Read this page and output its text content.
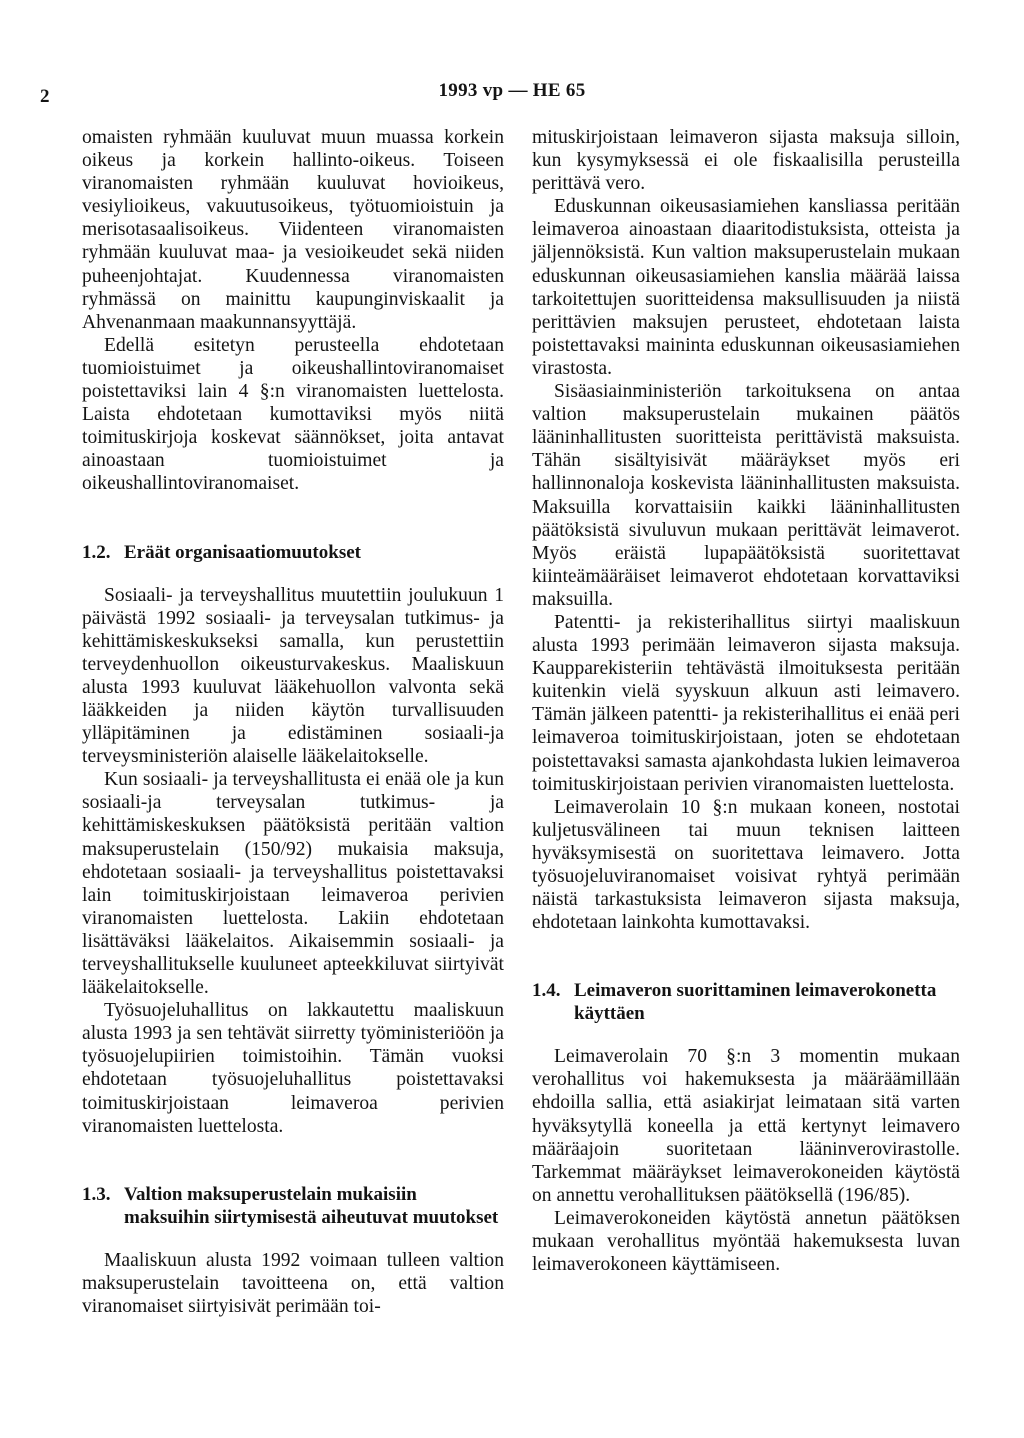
2	1993 vp — HE 65

omaisten ryhmään kuuluvat muun muassa korkein oikeus ja korkein hallinto-oikeus. Toiseen viranomaisten ryhmään kuuluvat hovioikeus, vesiylioikeus, vakuutusoikeus, työtuomioistuin ja merisotasaalisoikeus. Viidenteen viranomaisten ryhmään kuuluvat maa- ja vesioikeudet sekä niiden puheenjohtajat. Kuudennessa viranomaisten ryhmässä on mainittu kaupunginviskaalit ja Ahvenanmaan maakunnansyyttäjä.

Edellä esitetyn perusteella ehdotetaan tuomioistuimet ja oikeushallintoviranomaiset poistettaviksi lain 4 §:n viranomaisten luettelosta. Laista ehdotetaan kumottaviksi myös niitä toimituskirjoja koskevat säännökset, joita antavat ainoastaan tuomioistuimet ja oikeushallintoviranomaiset.

1.2. Eräät organisaatiomuutokset

Sosiaali- ja terveyshallitus muutettiin joulukuun 1 päivästä 1992 sosiaali- ja terveysalan tutkimus- ja kehittämiskeskukseksi samalla, kun perustettiin terveydenhuollon oikeusturvakeskus. Maaliskuun alusta 1993 kuuluvat lääkehuollon valvonta sekä lääkkeiden ja niiden käytön turvallisuuden ylläpitäminen ja edistäminen sosiaali-ja terveysministeriön alaiselle lääkelaitokselle.

Kun sosiaali- ja terveyshallitusta ei enää ole ja kun sosiaali-ja terveysalan tutkimus- ja kehittämiskeskuksen päätöksistä peritään valtion maksuperustelain (150/92) mukaisia maksuja, ehdotetaan sosiaali- ja terveyshallitus poistettavaksi lain toimituskirjoistaan leimaveroa perivien viranomaisten luettelosta. Lakiin ehdotetaan lisättäväksi lääkelaitos. Aikaisemmin sosiaali- ja terveyshallitukselle kuuluneet apteekkiluvat siirtyivät lääkelaitokselle.

Työsuojeluhallitus on lakkautettu maaliskuun alusta 1993 ja sen tehtävät siirretty työministeriöön ja työsuojelupiirien toimistoihin. Tämän vuoksi ehdotetaan työsuojeluhallitus poistettavaksi toimituskirjoistaan leimaveroa perivien viranomaisten luettelosta.

1.3. Valtion maksuperustelain mukaisiin maksuihin siirtymisestä aiheutuvat muutokset

Maaliskuun alusta 1992 voimaan tulleen valtion maksuperustelain tavoitteena on, että valtion viranomaiset siirtyisivät perimään toi-

mituskirjoistaan leimaveron sijasta maksuja silloin, kun kysymyksessä ei ole fiskaalisilla perusteilla perittävä vero.

Eduskunnan oikeusasiamiehen kansliassa peritään leimaveroa ainoastaan diaaritodistuksista, otteista ja jäljennöksistä. Kun valtion maksuperustelain mukaan eduskunnan oikeusasiamiehen kanslia määrää laissa tarkoitettujen suoritteidensa maksullisuuden ja niistä perittävien maksujen perusteet, ehdotetaan laista poistettavaksi maininta eduskunnan oikeusasiamiehen virastosta.

Sisäasiainministeriön tarkoituksena on antaa valtion maksuperustelain mukainen päätös lääninhallitusten suoritteista perittävistä maksuista. Tähän sisältyisivät määräykset myös eri hallinnonaloja koskevista lääninhallitusten maksuista. Maksuilla korvattaisiin kaikki lääninhallitusten päätöksistä sivuluvun mukaan perittävät leimaverot. Myös eräistä lupapäätöksistä suoritettavat kiinteämääräiset leimaverot ehdotetaan korvattaviksi maksuilla.

Patentti- ja rekisterihallitus siirtyi maaliskuun alusta 1993 perimään leimaveron sijasta maksuja. Kaupparekisteriin tehtävästä ilmoituksesta peritään kuitenkin vielä syyskuun alkuun asti leimavero. Tämän jälkeen patentti- ja rekisterihallitus ei enää peri leimaveroa toimituskirjoistaan, joten se ehdotetaan poistettavaksi samasta ajankohdasta lukien leimaveroa toimituskirjoistaan perivien viranomaisten luettelosta.

Leimaverolain 10 §:n mukaan koneen, nostotai kuljetusvälineen tai muun teknisen laitteen hyväksymisestä on suoritettava leimavero. Jotta työsuojeluviranomaiset voisivat ryhtyä perimään näistä tarkastuksista leimaveron sijasta maksuja, ehdotetaan lainkohta kumottavaksi.

1.4. Leimaveron suorittaminen leimaverokonetta käyttäen

Leimaverolain 70 §:n 3 momentin mukaan verohallitus voi hakemuksesta ja määräämillään ehdoilla sallia, että asiakirjat leimataan sitä varten hyväksytyllä koneella ja että kertynyt leimavero määräajoin suoritetaan lääninverovirastolle. Tarkemmat määräykset leimaverokoneiden käytöstä on annettu verohallituksen päätöksellä (196/85).

Leimaverokoneiden käytöstä annetun päätöksen mukaan verohallitus myöntää hakemuksesta luvan leimaverokoneen käyttämiseen.
